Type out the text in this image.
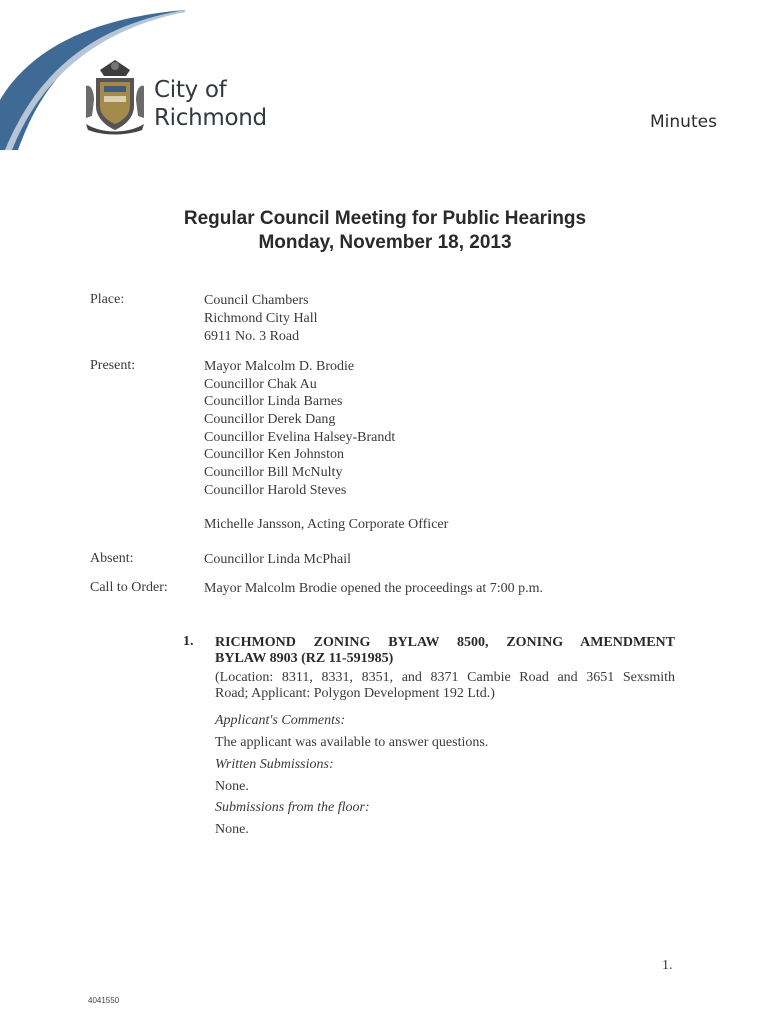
City of
Richmond	Minutes
Regular Council Meeting for Public Hearings
Monday, November 18, 2013
Place:	Council Chambers
Richmond City Hall
6911 No. 3 Road
Present:	Mayor Malcolm D. Brodie
Councillor Chak Au
Councillor Linda Barnes
Councillor Derek Dang
Councillor Evelina Halsey-Brandt
Councillor Ken Johnston
Councillor Bill McNulty
Councillor Harold Steves
Michelle Jansson, Acting Corporate Officer
Absent:	Councillor Linda McPhail
Call to Order:	Mayor Malcolm Brodie opened the proceedings at 7:00 p.m.
1. RICHMOND ZONING BYLAW 8500, ZONING AMENDMENT
BYLAW 8903 (RZ 11-591985)
(Location: 8311, 8331, 8351, and 8371 Cambie Road and 3651 Sexsmith
Road; Applicant: Polygon Development 192 Ltd.)
Applicant's Comments:
The applicant was available to answer questions.
Written Submissions:
None.
Submissions from the floor:
None.
1.
4041550
